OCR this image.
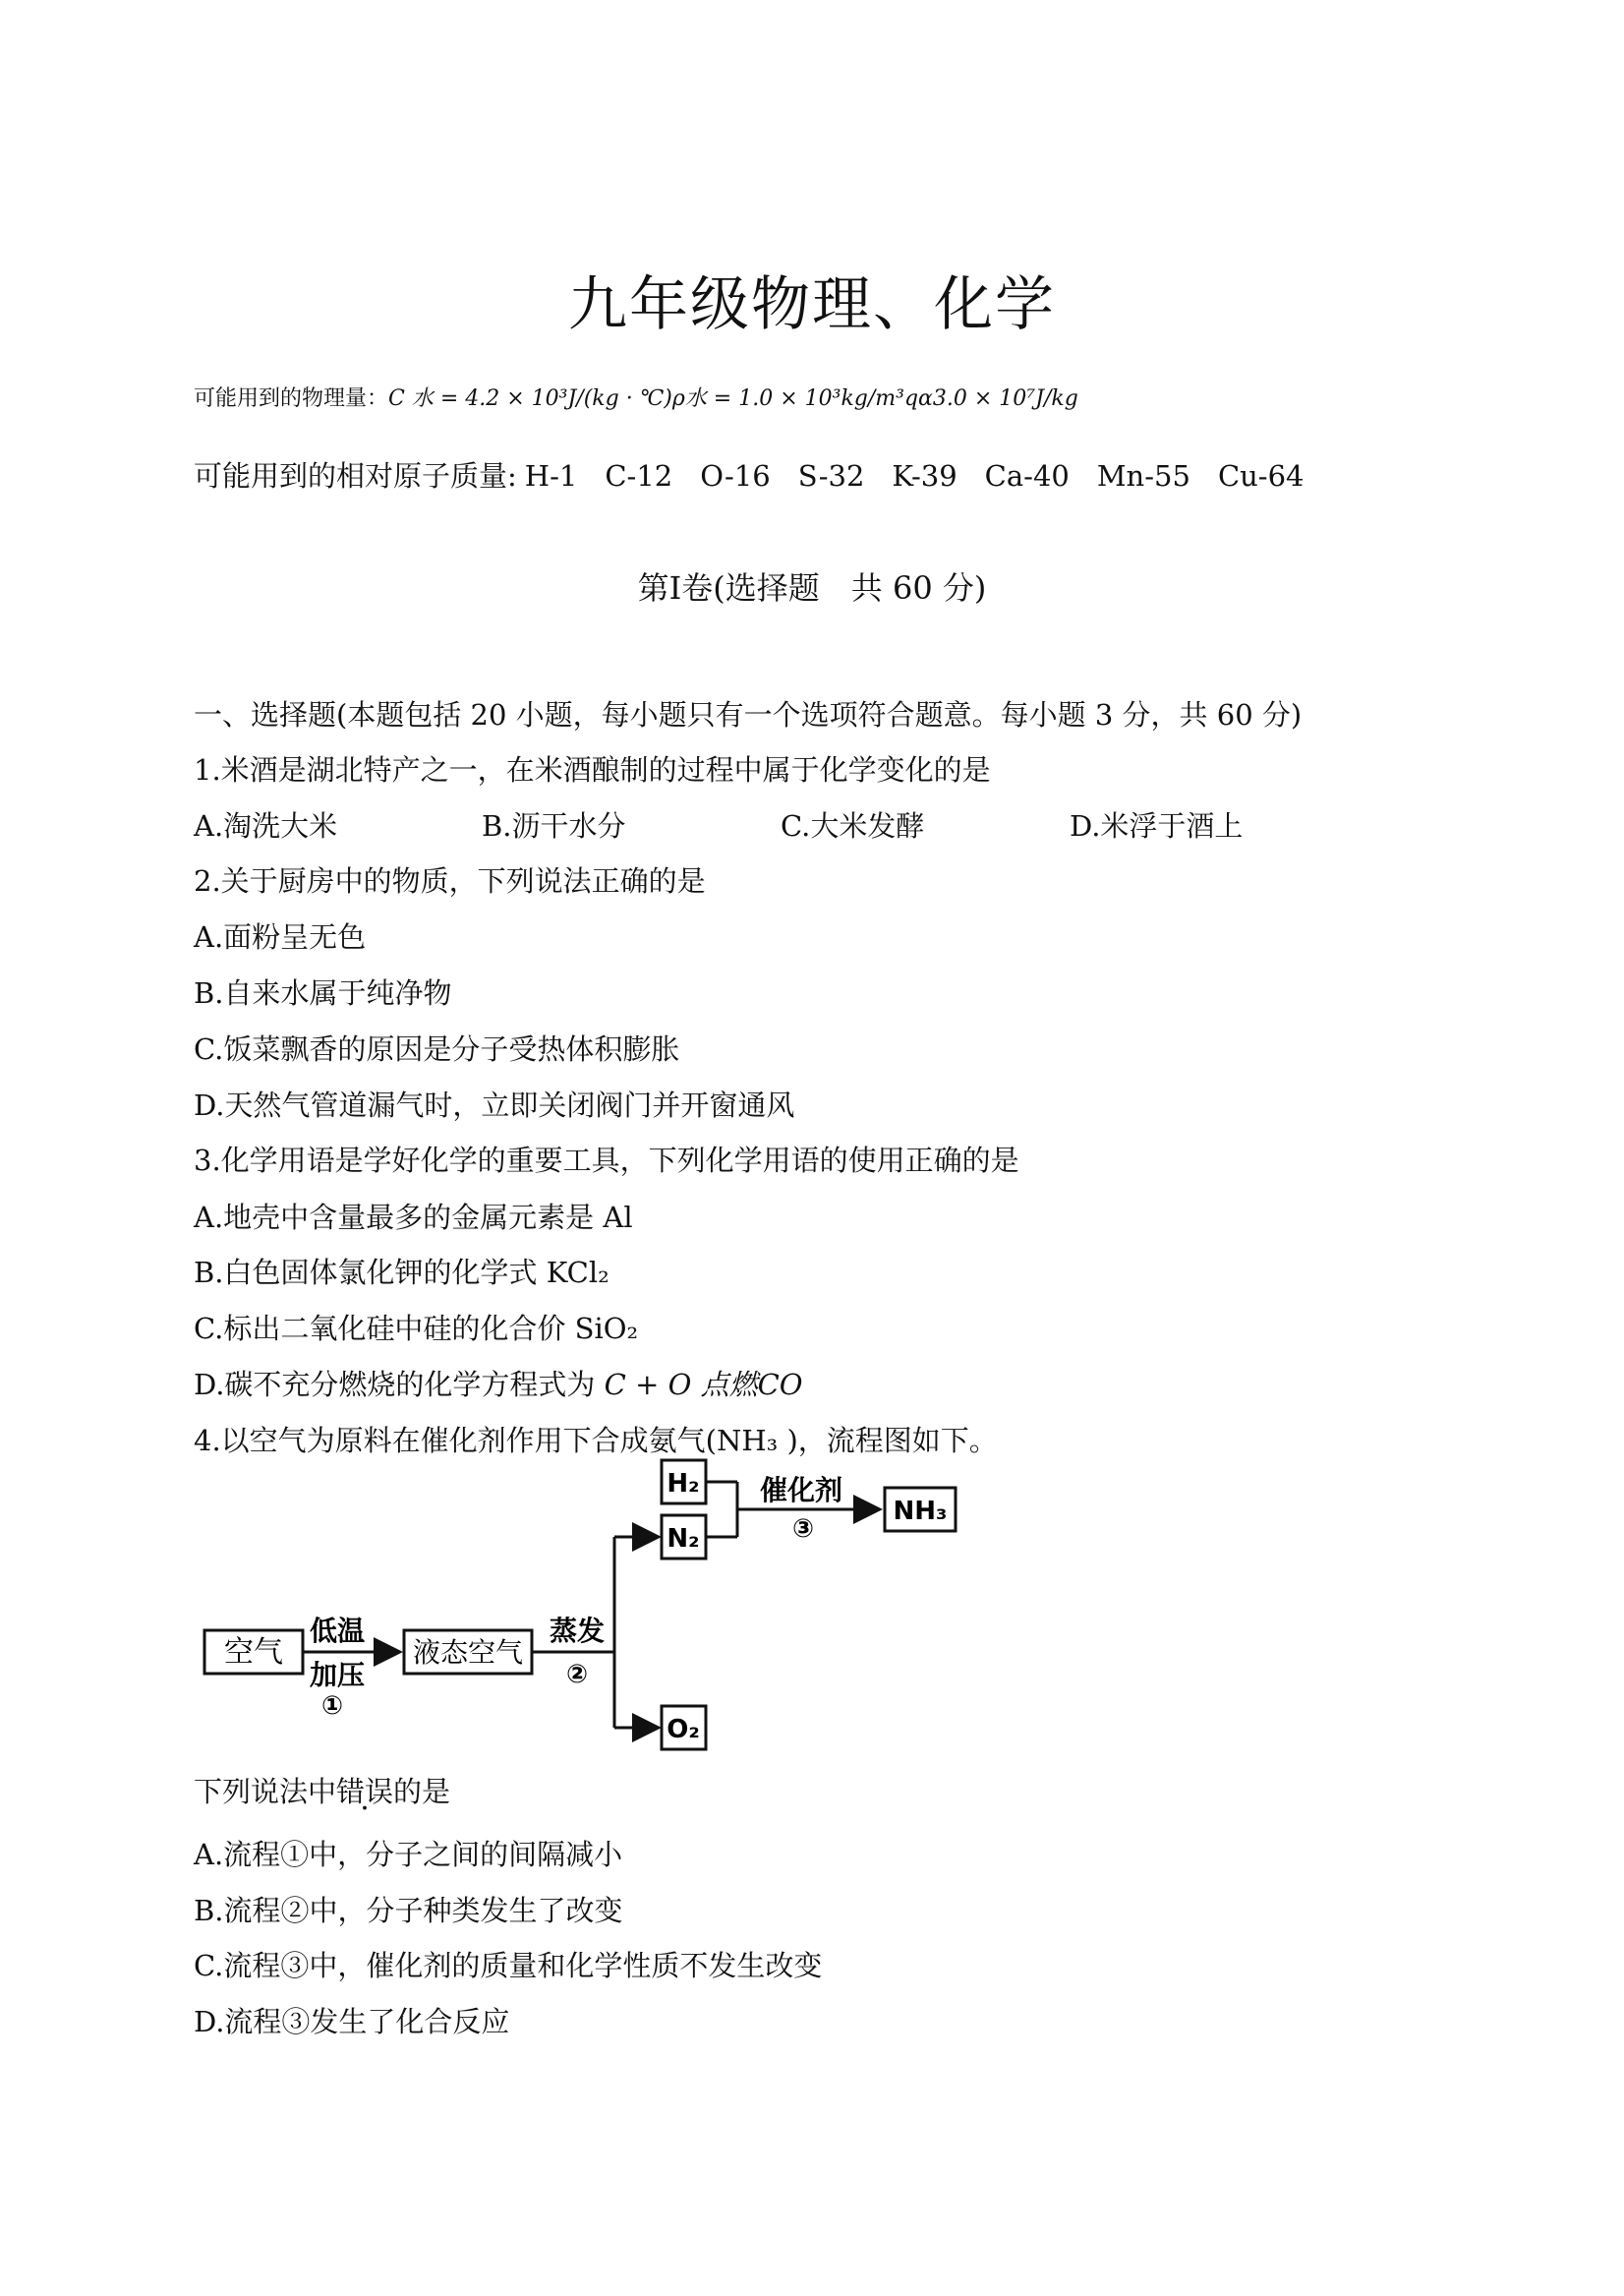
九年级物理、化学
可能用到的物理量：C 水 = 4.2 × 10³J/(kg · ℃)ρ水 = 1.0 × 10³kg/m³qα3.0 × 10⁷J/kg
可能用到的相对原子质量: H-1 C-12 O-16 S-32 K-39 Ca-40 Mn-55 Cu-64
第Ⅰ卷(选择题　共 60 分)
一、选择题(本题包括 20 小题，每小题只有一个选项符合题意。每小题 3 分，共 60 分)
1.米酒是湖北特产之一，在米酒酿制的过程中属于化学变化的是
A.淘洗大米	B.沥干水分	C.大米发酵	D.米浮于酒上
2.关于厨房中的物质，下列说法正确的是
A.面粉呈无色
B.自来水属于纯净物
C.饭菜飘香的原因是分子受热体积膨胀
D.天然气管道漏气时，立即关闭阀门并开窗通风
3.化学用语是学好化学的重要工具，下列化学用语的使用正确的是
A.地壳中含量最多的金属元素是 Al
B.白色固体氯化钾的化学式 KCl₂
C.标出二氧化硅中硅的化合价 SiO₂
D.碳不充分燃烧的化学方程式为 C + O 点燃CO
4.以空气为原料在催化剂作用下合成氨气(NH₃ )，流程图如下。
空气
低温
加压
①
液态空气
蒸发
②
H₂
N₂
O₂
催化剂
③
NH₃
下列说法中错误的是
A.流程①中，分子之间的间隔减小
B.流程②中，分子种类发生了改变
C.流程③中，催化剂的质量和化学性质不发生改变
D.流程③发生了化合反应
